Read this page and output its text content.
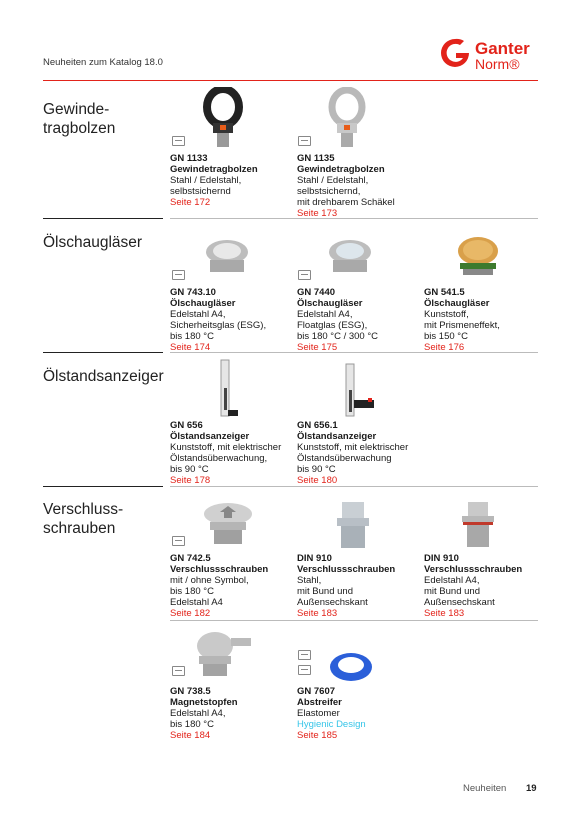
Neuheiten zum Katalog 18.0
Ganter
Norm®
Gewinde-
tragbolzen
Ölschaugläser
Ölstandsanzeiger
Verschluss-
schrauben
GN 1133
Gewindetragbolzen
Stahl / Edelstahl,
selbstsichernd
Seite 172
GN 1135
Gewindetragbolzen
Stahl / Edelstahl,
selbstsichernd,
mit drehbarem Schäkel
Seite 173
GN 743.10
Ölschaugläser
Edelstahl A4,
Sicherheitsglas (ESG),
bis 180 °C
Seite 174
GN 7440
Ölschaugläser
Edelstahl A4,
Floatglas (ESG),
bis 180 °C / 300 °C
Seite 175
GN 541.5
Ölschaugläser
Kunststoff,
mit Prismeneffekt,
bis 150 °C
Seite 176
GN 656
Ölstandsanzeiger
Kunststoff, mit elektrischer
Ölstandsüberwachung,
bis 90 °C
Seite 178
GN 656.1
Ölstandsanzeiger
Kunststoff, mit elektrischer
Ölstandsüberwachung
bis 90 °C
Seite 180
GN 742.5
Verschlussschrauben
mit / ohne Symbol,
bis 180 °C
Edelstahl A4
Seite 182
DIN 910
Verschlussschrauben
Stahl,
mit Bund und
Außensechskant
Seite 183
DIN 910
Verschlussschrauben
Edelstahl A4,
mit Bund und
Außensechskant
Seite 183
GN 738.5
Magnetstopfen
Edelstahl A4,
bis 180 °C
Seite 184
GN 7607
Abstreifer
Elastomer
Hygienic Design
Seite 185
Neuheiten 19
